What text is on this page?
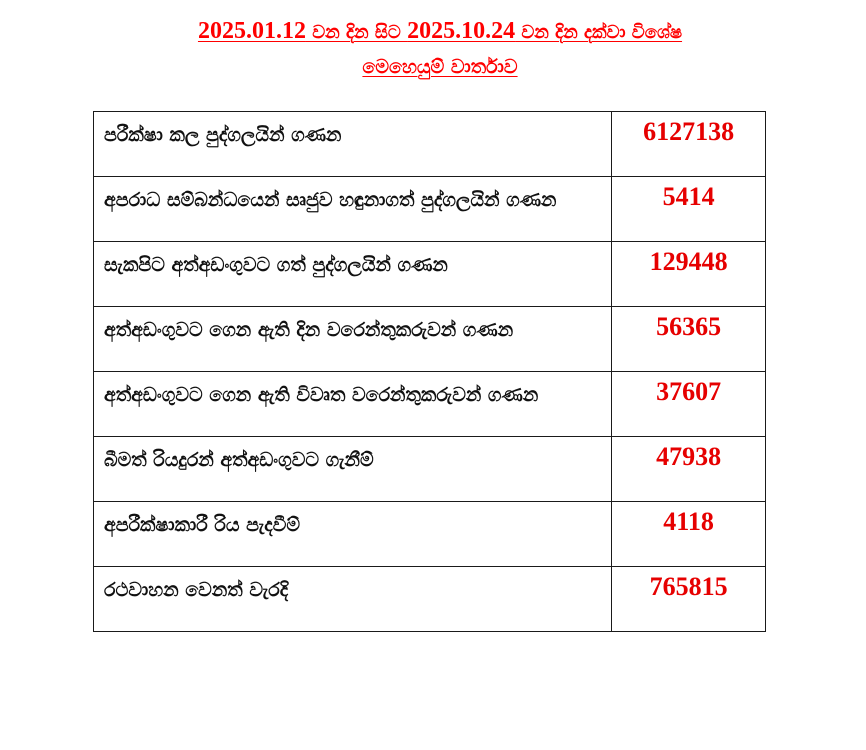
2025.01.12 වන දින සිට 2025.10.24 වන දින දක්වා විශේෂ
මෙහෙයුම් වාර්තාව
පරීක්ෂා කල පුද්ගලයින් ගණන	6127138
අපරාධ සම්බන්ධයෙන් සෘජුව හඳුනාගත් පුද්ගලයින් ගණන	5414
සැකපිට අත්අඩංගුවට ගත් පුද්ගලයින් ගණන	129448
අත්අඩංගුවට ගෙන ඇති දින වරෙන්තුකරුවන් ගණන	56365
අත්අඩංගුවට ගෙන ඇති විවෘත වරෙන්තුකරුවන් ගණන	37607
බීමත් රියදුරන් අත්අඩංගුවට ගැනීම්	47938
අපරීක්ෂාකාරී රිය පැදවීම්	4118
රථවාහන වෙනත් වැරදි	765815
